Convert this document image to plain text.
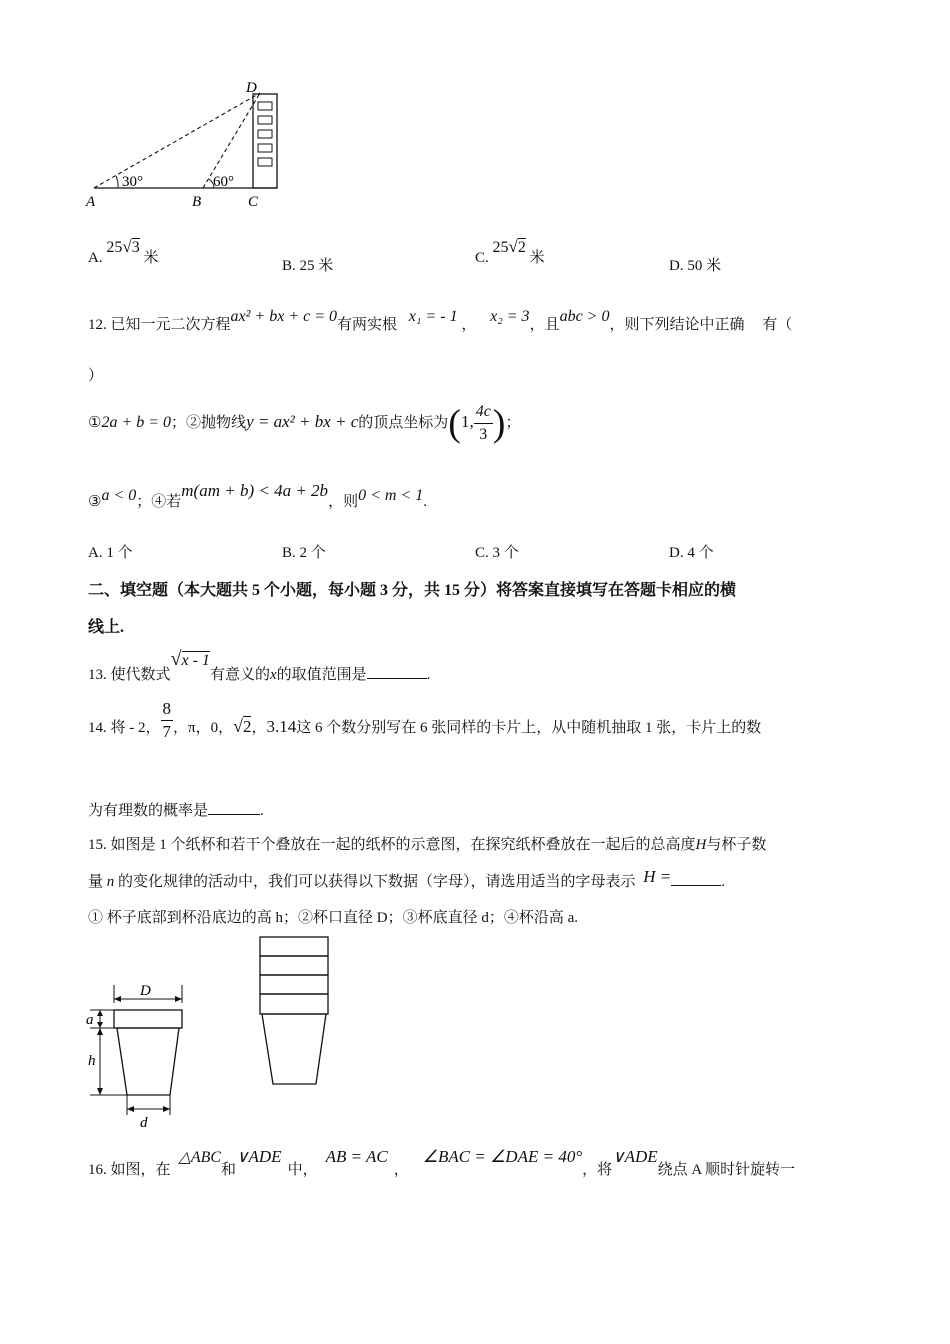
30°	60°
A	B	C
D
A. 25√3 米	B. 25 米	C. 25√2 米	D. 50 米
12. 已知一元二次方程ax² + bx + c = 0有两实根 x₁ = - 1 ， x₂ = 3，且abc > 0，则下列结论中正确 有（
）
①2a + b = 0；②抛物线y = ax² + bx + c的顶点坐标为(1, $\frac{4c}{3}$ )；
③a < 0；④若m(am + b) < 4a + 2b，则0 < m < 1.
A. 1 个	B. 2 个	C. 3 个	D. 4 个
二、填空题（本大题共 5 个小题，每小题 3 分，共 15 分）将答案直接填写在答题卡相应的横
线上.
13. 使代数式√x - 1有意义的x的取值范围是	.
14. 将 - 2， $\frac{8}{7}$ ，π，0，√2，3.14这 6 个数分别写在 6 张同样的卡片上，从中随机抽取 1 张，卡片上的数
为有理数的概率是	.
15. 如图是 1 个纸杯和若干个叠放在一起的纸杯的示意图，在探究纸杯叠放在一起后的总高度H与杯子数
量 n 的变化规律的活动中，我们可以获得以下数据（字母），请选用适当的字母表示 H =	.
① 杯子底部到杯沿底边的高 h；②杯口直径 D；③杯底直径 d；④杯沿高 a.
D
a
h
d
16. 如图，在△ABC和∨ADE中，AB = AC，∠BAC = ∠DAE = 40°，将∨ADE绕点 A 顺时针旋转一
